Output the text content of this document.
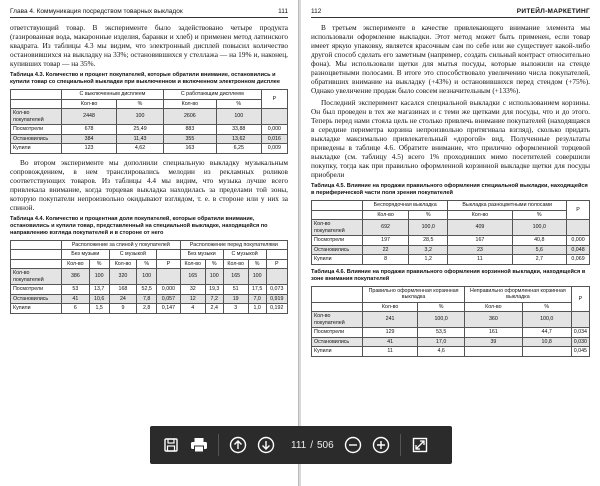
Глава 4. Коммуникация посредством товарных выкладок	111

ответствующий товар. В эксперименте было задействовано четыре продукта (газированная вода, макаронные изделия, баранки и хлеб) и применен метод латинского квадрата. Из таблицы 4.3 мы видим, что электронный дисплей повысил количество остановившихся на выкладку на 33%; остановившихся у стеллажа — на 19% и, наконец, купивших товар — на 35%.

Таблица 4.3. Количество и процент покупателей, которые обратили внимание, остановились и купили товар со специальной выкладки при выключенном и включенном электронном дисплее
	С выключенным дисплеем		С работающим дисплеем		P
	Кол-во	%	Кол-во	%	
Кол-во покупателей	2448	100	2606	100	
Посмотрели	678	25,49	883	33,88	0,000
Остановились	384	11,43	355	13,62	0,016
Купили	123	4,62	163	6,25	0,009

Во втором эксперименте мы дополнили специальную выкладку музыкальным сопровождением, в нем транслировались мелодии из рекламных роликов соответствующих товаров. Из таблицы 4.4 мы видим, что музыка лучше всего привлекала внимание, когда торцевая выкладка находилась за пределами той зоны, которую покупатели непроизвольно окидывают взглядом, т. е. в стороне или у них за спиной.

Таблица 4.4. Количество и процентная доля покупателей, которые обратили внимание, остановились и купили товар, представленный на специальной выкладке, находящейся по направлению взгляда покупателей и в стороне от него
	Расположение за спиной у покупателей					Расположение перед покупателями				
	Без музыки		С музыкой			Без музыки		С музыкой		
	Кол-во	%	Кол-во	%	P	Кол-во	%	Кол-во	%	P
Кол-во покупателей	386	100	320	100		165	100	165	100	
Посмотрели	53	13,7	168	52,5	0,000	32	19,3	51	17,5	0,073
Остановились	41	10,6	24	7,8	0,057	12	7,2	19	7,0	0,919
Купили	6	1,5	9	2,8	0,147	4	2,4	3	1,0	0,192
112	РИТЕЙЛ-МАРКЕТИНГ

В третьем эксперименте в качестве привлекающего внимание элемента мы использовали оформление выкладки. Этот метод может быть применен, если товар имеет яркую упаковку, является красочным сам по себе или же существует какой-либо другой способ сделать его заметным (например, создать сильный контраст относительно фона). Мы использовали щетки для мытья посуды, которые выложили на стенде разноцветными полосами. В итоге это способствовало увеличению числа покупателей, обративших внимание на выкладку (+43%) и остановившихся перед стендом (+75%). Однако увеличение продаж было совсем незначительным (+133%).

Последний эксперимент касался специальной выкладки с использованием корзины. Он был проведен в тех же магазинах и с теми же щетками для посуды, что и до этого. Теперь перед нами стояла цель не столько привлечь внимание покупателей (находящаяся в середине периметра корзина непроизвольно притягивала взгляд), сколько придать выкладке максимально привлекательный «дорогой» вид. Полученные результаты приведены в таблице 4.6. Обратите внимание, что прилично оформленной торцевой выкладке (см. таблицу 4.5) всего 1% проходивших мимо посетителей совершили покупку, тогда как при правильно оформленной корзинной выкладке щетки для посуды приобрели

Таблица 4.5. Влияние на продажи правильного оформления специальной выкладки, находящейся в периферической части поля зрения покупателей
	Беспорядочная выкладка		Выкладка разноцветными полосами		P
	Кол-во	%	Кол-во	%	
Кол-во покупателей	692	100,0	409	100,0	
Посмотрели	197	28,5	167	40,8	0,000
Остановились	22	3,2	23	5,6	0,048
Купили	8	1,2	11	2,7	0,069
Таблица 4.6. Влияние на продажи правильного оформления корзинной выкладки, находящейся в зоне внимания покупателей
	Правильно оформленная корзинная выкладка		Неправильно оформленная корзинная выкладка		P
	Кол-во	%	Кол-во	%	
Кол-во покупателей	241	100,0	360	100,0	
Посмотрели	129	53,5	161	44,7	0,034
Остановились	41	17,0	39	10,8	0,030
Купили	11	4,6			0,045
111 / 506
